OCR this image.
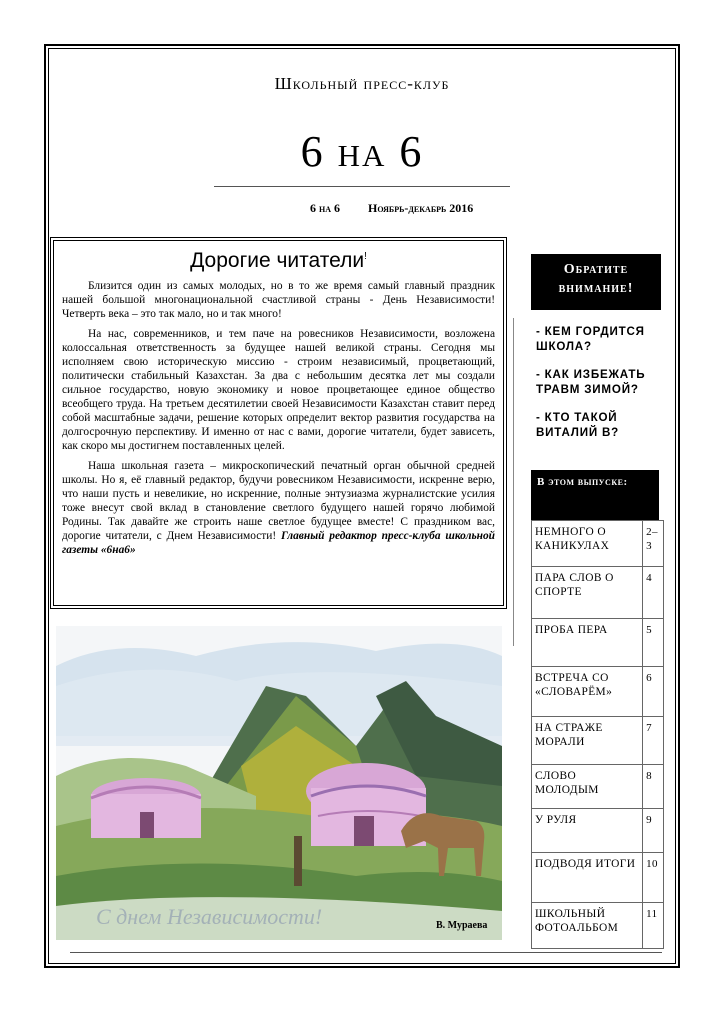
Школьный пресс-клуб
6 на 6
6 на 6 Ноябрь-декабрь 2016
Дорогие читатели!

Близится один из самых молодых, но в то же время самый главный праздник нашей большой многонациональной счастливой страны - День Независимости! Четверть века – это так мало, но и так много!

На нас, современников, и тем паче на ровесников Независимости, возложена колоссальная ответственность за будущее нашей великой страны. Сегодня мы исполняем свою историческую миссию - строим независимый, процветающий, политически стабильный Казахстан. За два с небольшим десятка лет мы создали сильное государство, новую экономику и новое процветающее единое общество всеобщего труда. На третьем десятилетии своей Независимости Казахстан ставит перед собой масштабные задачи, решение которых определит вектор развития государства на долгосрочную перспективу. И именно от нас с вами, дорогие читатели, будет зависеть, как скоро мы достигнем поставленных целей.

Наша школьная газета – микроскопический печатный орган обычной средней школы. Но я, её главный редактор, будучи ровесником Независимости, искренне верю, что наши пусть и невеликие, но искренние, полные энтузиазма журналистские усилия тоже внесут свой вклад в становление светлого будущего нашей горячо любимой Родины. Так давайте же строить наше светлое будущее вместе! С праздником вас, дорогие читатели, с Днем Независимости! Главный редактор пресс-клуба школьной газеты «6на6»

С днем Независимости!	В. Мураева
Обратите
внимание!
- КЕМ ГОРДИТСЯ ШКОЛА?
- КАК ИЗБЕЖАТЬ ТРАВМ ЗИМОЙ?
- КТО ТАКОЙ ВИТАЛИЙ В?
В этом выпуске:
НЕМНОГО О КАНИКУЛАХ	2–3
ПАРА СЛОВ О СПОРТЕ	4
ПРОБА ПЕРА	5
ВСТРЕЧА СО «СЛОВАРЁМ»	6
НА СТРАЖЕ МОРАЛИ	7
СЛОВО МОЛОДЫМ	8
У РУЛЯ	9
ПОДВОДЯ ИТОГИ	10
ШКОЛЬНЫЙ ФОТОАЛЬБОМ	11
